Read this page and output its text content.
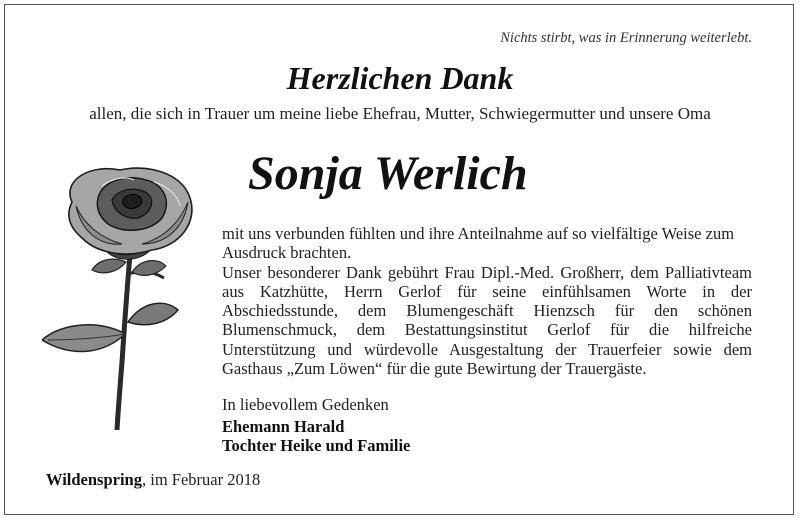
Nichts stirbt, was in Erinnerung weiterlebt.
Herzlichen Dank
allen, die sich in Trauer um meine liebe Ehefrau, Mutter, Schwiegermutter und unsere Oma
Sonja Werlich

mit uns verbunden fühlten und ihre Anteilnahme auf so vielfältige Weise zum Ausdruck brachten.

Unser besonderer Dank gebührt Frau Dipl.-Med. Großherr, dem Palliativteam aus Katzhütte, Herrn Gerlof für seine einfühlsamen Worte in der Abschiedsstunde, dem Blumengeschäft Hienzsch für den schönen Blumenschmuck, dem Bestattungsinstitut Gerlof für die hilfreiche Unterstützung und würdevolle Ausgestaltung der Trauerfeier sowie dem Gasthaus „Zum Löwen“ für die gute Bewirtung der Trauergäste.

In liebevollem Gedenken
Ehemann Harald
Tochter Heike und Familie
Wildenspring, im Februar 2018
